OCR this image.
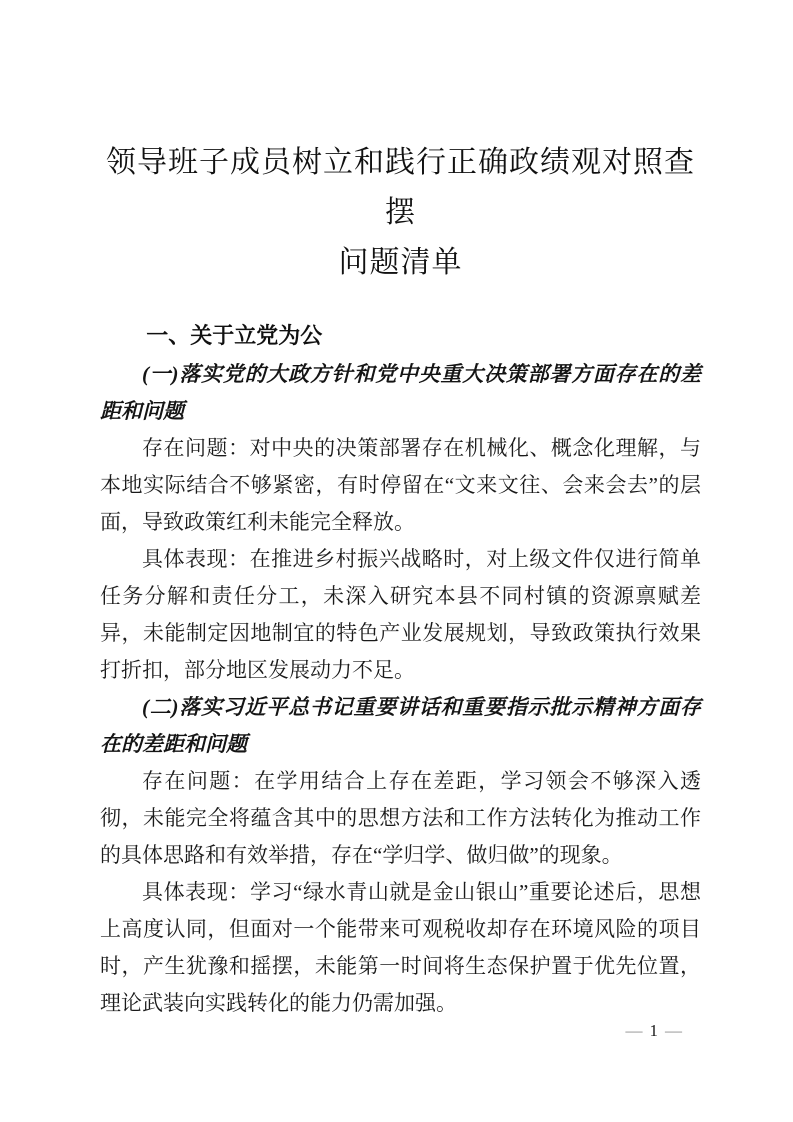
领导班子成员树立和践行正确政绩观对照查摆
问题清单
一、关于立党为公
(一)落实党的大政方针和党中央重大决策部署方面存在的差距和问题

存在问题：对中央的决策部署存在机械化、概念化理解，与本地实际结合不够紧密，有时停留在“文来文往、会来会去”的层面，导致政策红利未能完全释放。

具体表现：在推进乡村振兴战略时，对上级文件仅进行简单任务分解和责任分工，未深入研究本县不同村镇的资源禀赋差异，未能制定因地制宜的特色产业发展规划，导致政策执行效果打折扣，部分地区发展动力不足。

(二)落实习近平总书记重要讲话和重要指示批示精神方面存在的差距和问题

存在问题：在学用结合上存在差距，学习领会不够深入透彻，未能完全将蕴含其中的思想方法和工作方法转化为推动工作的具体思路和有效举措，存在“学归学、做归做”的现象。

具体表现：学习“绿水青山就是金山银山”重要论述后，思想上高度认同，但面对一个能带来可观税收却存在环境风险的项目时，产生犹豫和摇摆，未能第一时间将生态保护置于优先位置，理论武装向实践转化的能力仍需加强。

— 1 —
